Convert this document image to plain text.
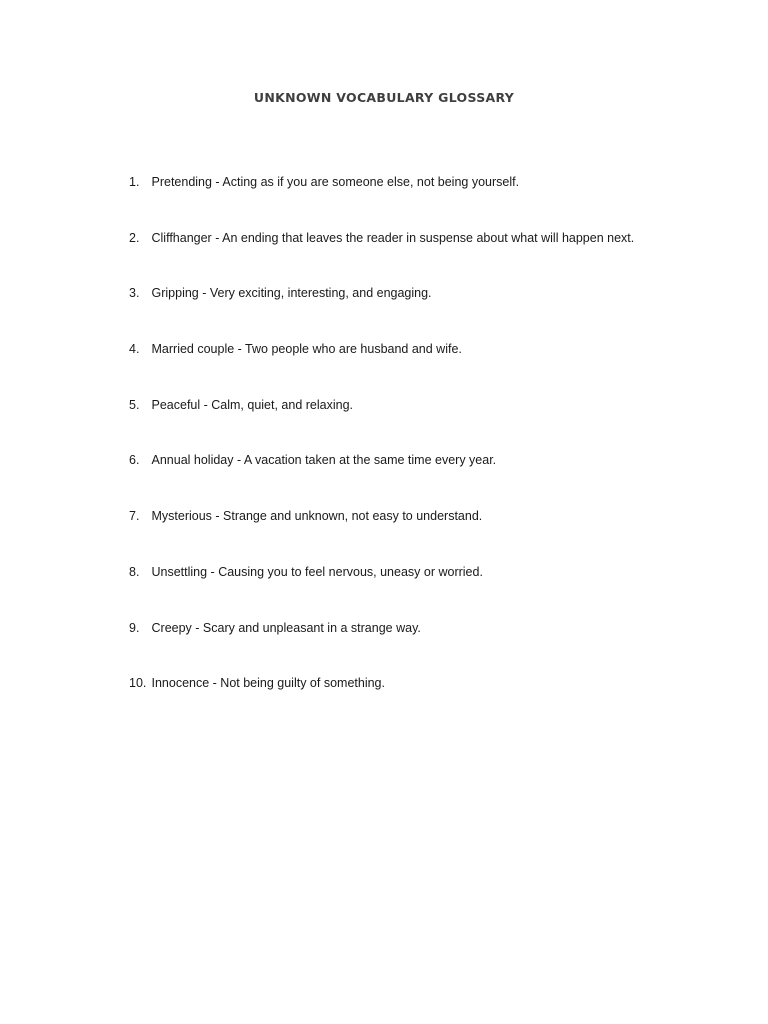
UNKNOWN VOCABULARY GLOSSARY
1. Pretending - Acting as if you are someone else, not being yourself.
2. Cliffhanger - An ending that leaves the reader in suspense about what will happen next.
3. Gripping - Very exciting, interesting, and engaging.
4. Married couple - Two people who are husband and wife.
5. Peaceful - Calm, quiet, and relaxing.
6. Annual holiday - A vacation taken at the same time every year.
7. Mysterious - Strange and unknown, not easy to understand.
8. Unsettling - Causing you to feel nervous, uneasy or worried.
9. Creepy - Scary and unpleasant in a strange way.
10. Innocence - Not being guilty of something.
